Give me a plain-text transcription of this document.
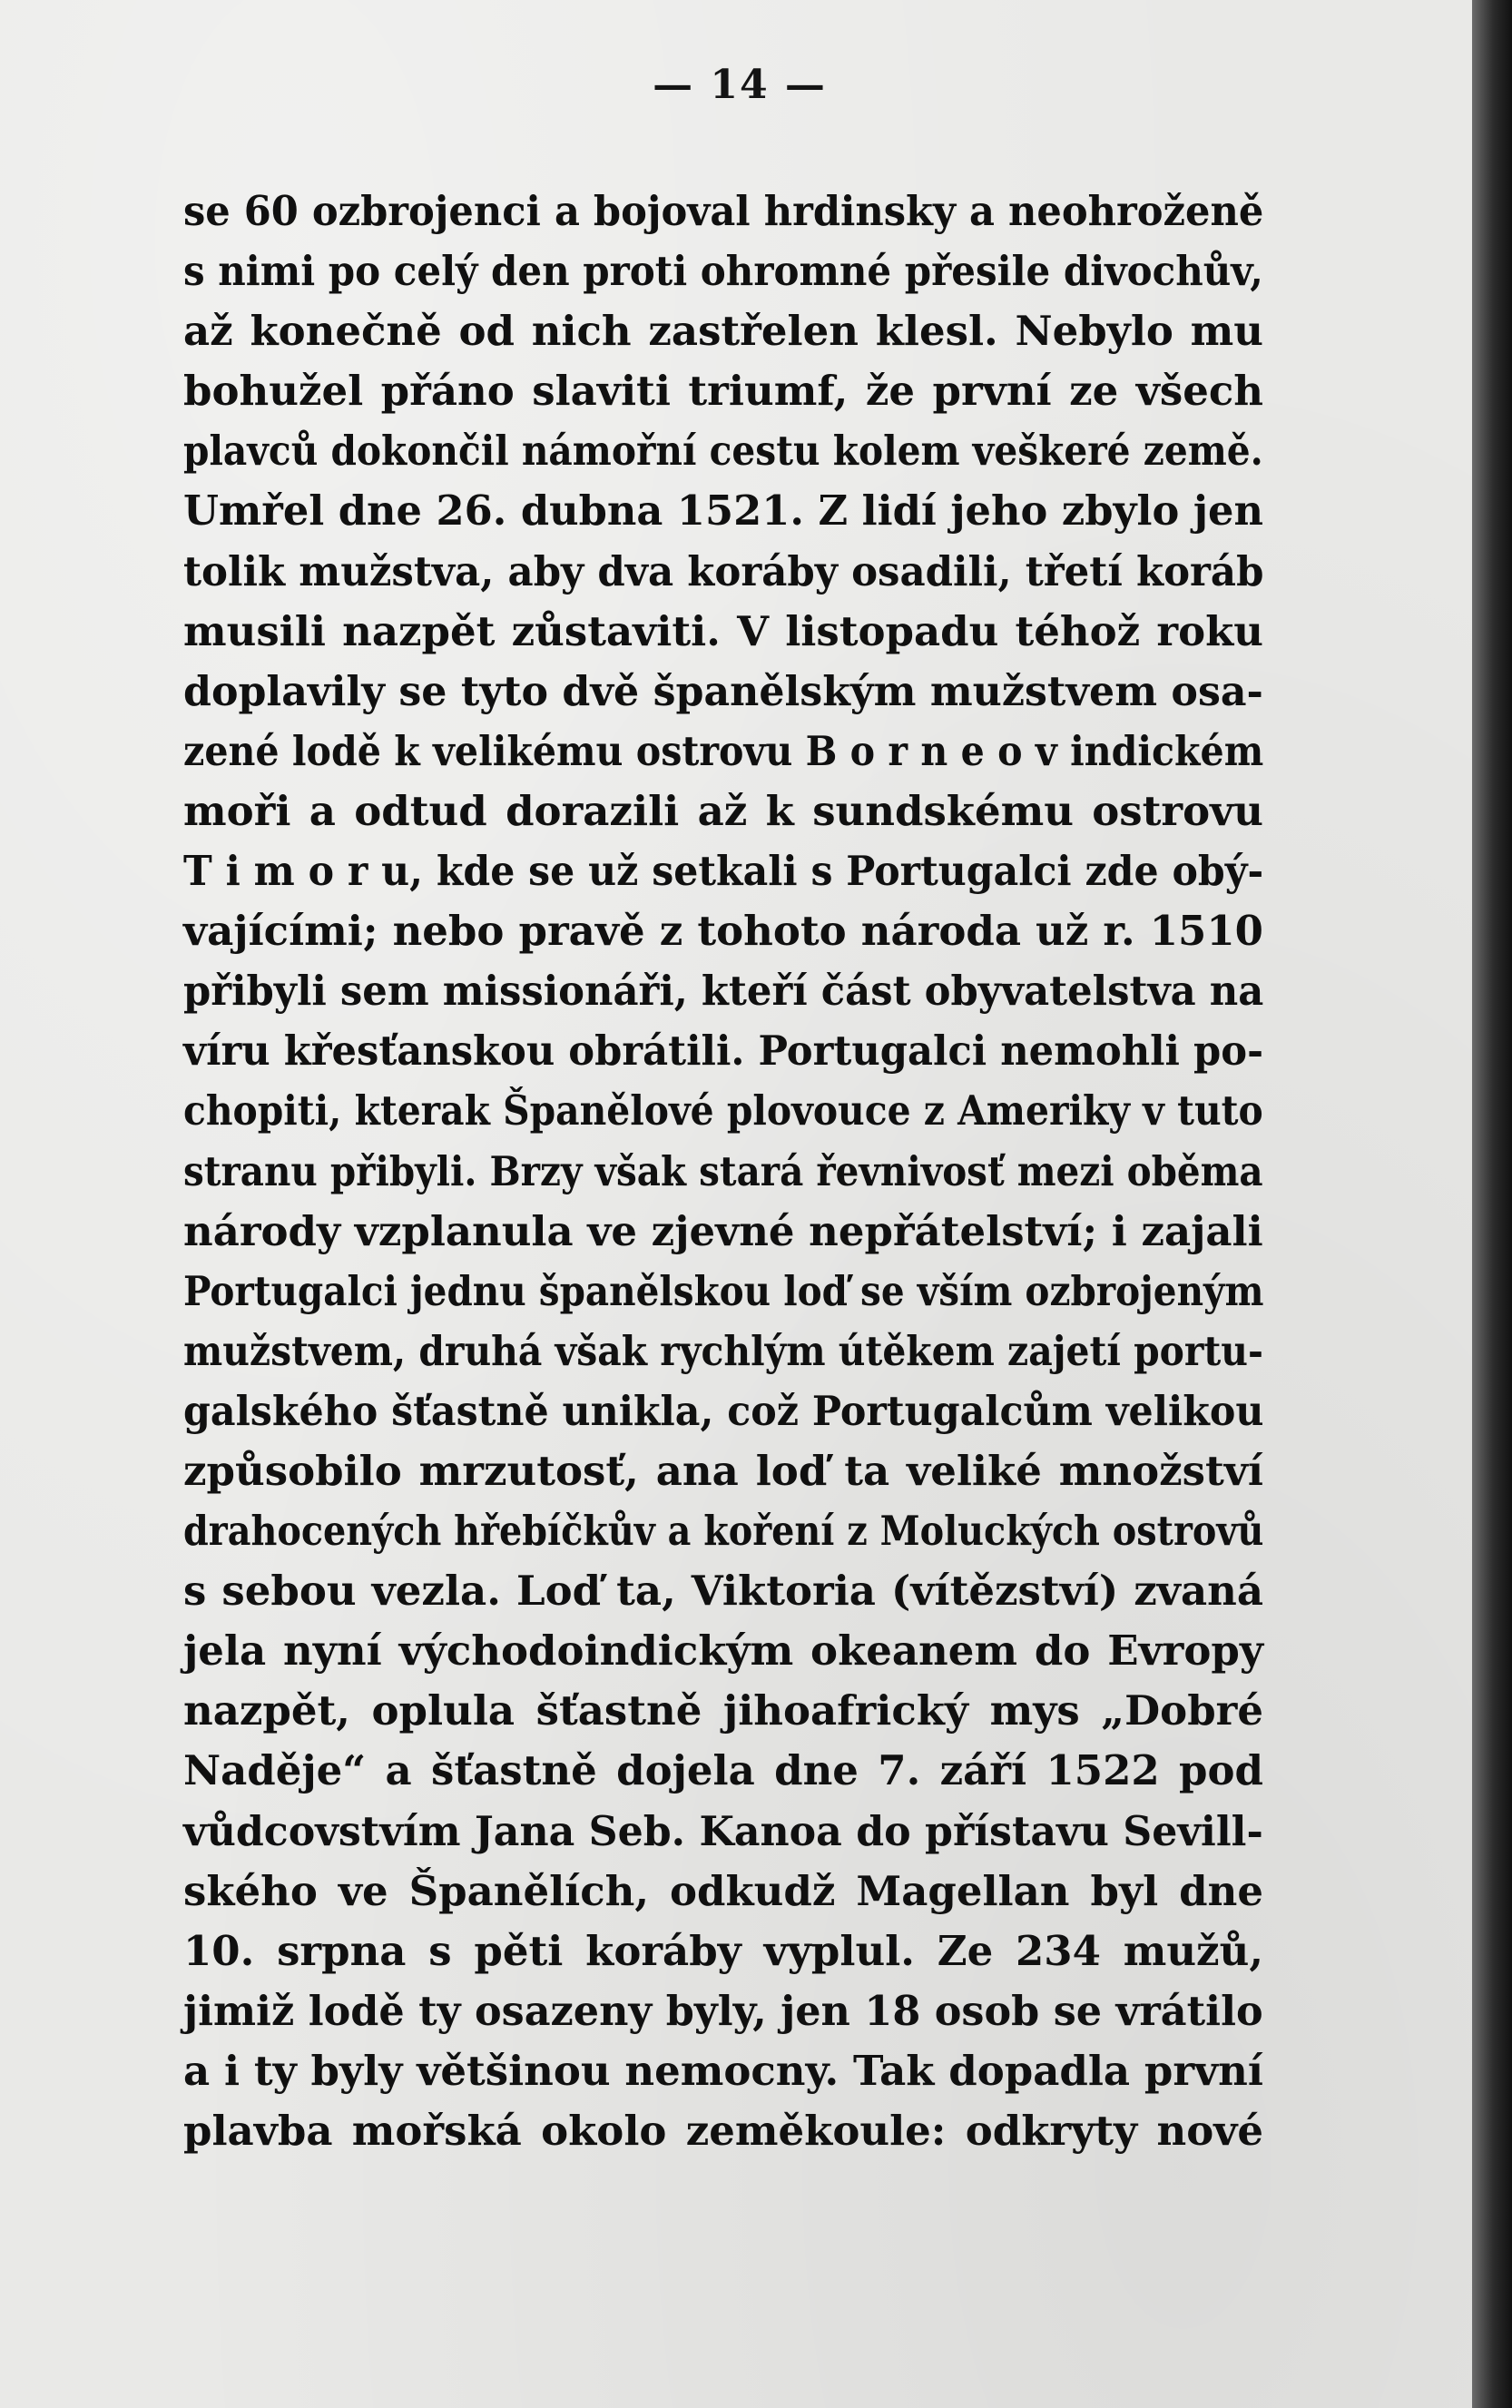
— 14 —
se 60 ozbrojenci a bojoval hrdinsky a neohroženě
s nimi po celý den proti ohromné přesile divochův,
až konečně od nich zastřelen klesl. Nebylo mu
bohužel přáno slaviti triumf, že první ze všech
plavců dokončil námořní cestu kolem veškeré země.
Umřel dne 26. dubna 1521. Z lidí jeho zbylo jen
tolik mužstva, aby dva koráby osadili, třetí koráb
musili nazpět zůstaviti. V listopadu téhož roku
doplavily se tyto dvě španělským mužstvem osa-
zené lodě k velikému ostrovu B o r n e o v indickém
moři a odtud dorazili až k sundskému ostrovu
T i m o r u, kde se už setkali s Portugalci zde obý-
vajícími; nebo pravě z tohoto národa už r. 1510
přibyli sem missionáři, kteří část obyvatelstva na
víru křesťanskou obrátili. Portugalci nemohli po-
chopiti, kterak Španělové plovouce z Ameriky v tuto
stranu přibyli. Brzy však stará řevnivosť mezi oběma
národy vzplanula ve zjevné nepřátelství; i zajali
Portugalci jednu španělskou loď se vším ozbrojeným
mužstvem, druhá však rychlým útěkem zajetí portu-
galského šťastně unikla, což Portugalcům velikou
způsobilo mrzutosť, ana loď ta veliké množství
drahocených hřebíčkův a koření z Moluckých ostrovů
s sebou vezla. Loď ta, Viktoria (vítězství) zvaná
jela nyní východoindickým okeanem do Evropy
nazpět, oplula šťastně jihoafrický mys „Dobré
Naděje“ a šťastně dojela dne 7. září 1522 pod
vůdcovstvím Jana Seb. Kanoa do přístavu Sevill-
ského ve Španělích, odkudž Magellan byl dne
10. srpna s pěti koráby vyplul. Ze 234 mužů,
jimiž lodě ty osazeny byly, jen 18 osob se vrátilo
a i ty byly většinou nemocny. Tak dopadla první
plavba mořská okolo zeměkoule: odkryty nové
